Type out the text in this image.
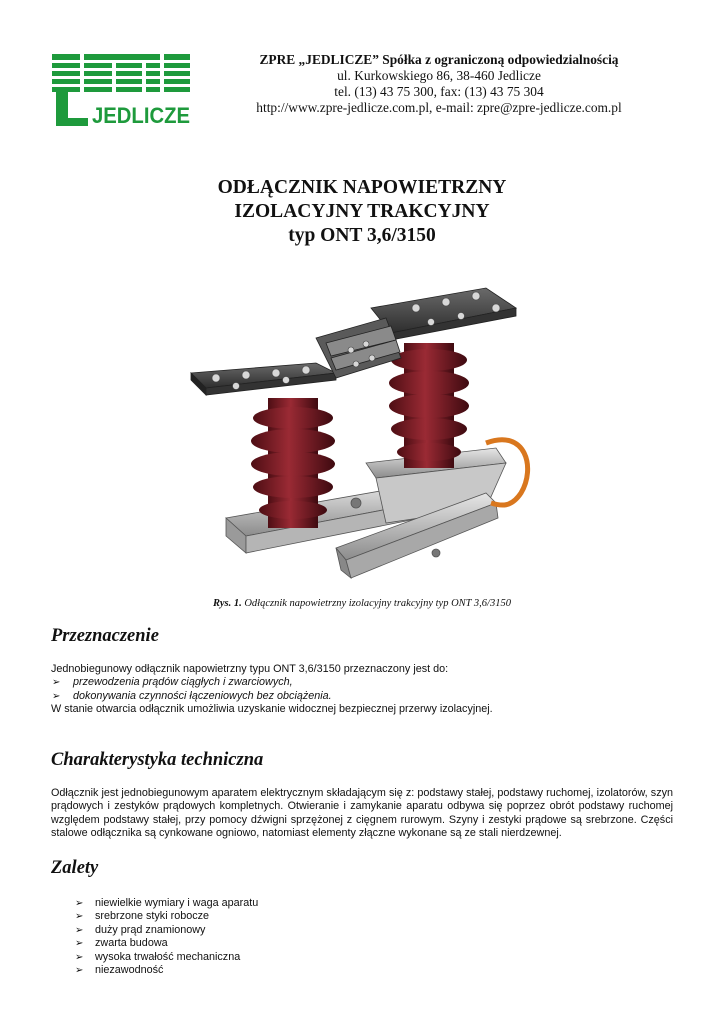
JEDLICZE
ZPRE „JEDLICZE” Spółka z ograniczoną odpowiedzialnością
ul. Kurkowskiego 86, 38-460 Jedlicze
tel. (13) 43 75 300, fax: (13) 43 75 304
http://www.zpre-jedlicze.com.pl, e-mail: zpre@zpre-jedlicze.com.pl
ODŁĄCZNIK NAPOWIETRZNY
IZOLACYJNY TRAKCYJNY
typ ONT 3,6/3150
Rys. 1. Odłącznik napowietrzny izolacyjny trakcyjny typ ONT 3,6/3150
Przeznaczenie
Jednobiegunowy odłącznik napowietrzny typu ONT 3,6/3150 przeznaczony jest do:
➢ przewodzenia prądów ciągłych i zwarciowych,
➢ dokonywania czynności łączeniowych bez obciążenia.
W stanie otwarcia odłącznik umożliwia uzyskanie widocznej bezpiecznej przerwy izolacyjnej.
Charakterystyka techniczna
Odłącznik jest jednobiegunowym aparatem elektrycznym składającym się z: podstawy stałej, podstawy ruchomej, izolatorów, szyn prądowych i zestyków prądowych kompletnych. Otwieranie i zamykanie aparatu odbywa się poprzez obrót podstawy ruchomej względem podstawy stałej, przy pomocy dźwigni sprzężonej z cięgnem rurowym. Szyny i zestyki prądowe są srebrzone. Części stalowe odłącznika są cynkowane ogniowo, natomiast elementy złączne wykonane są ze stali nierdzewnej.
Zalety
➢ niewielkie wymiary i waga aparatu
➢ srebrzone styki robocze
➢ duży prąd znamionowy
➢ zwarta budowa
➢ wysoka trwałość mechaniczna
➢ niezawodność
